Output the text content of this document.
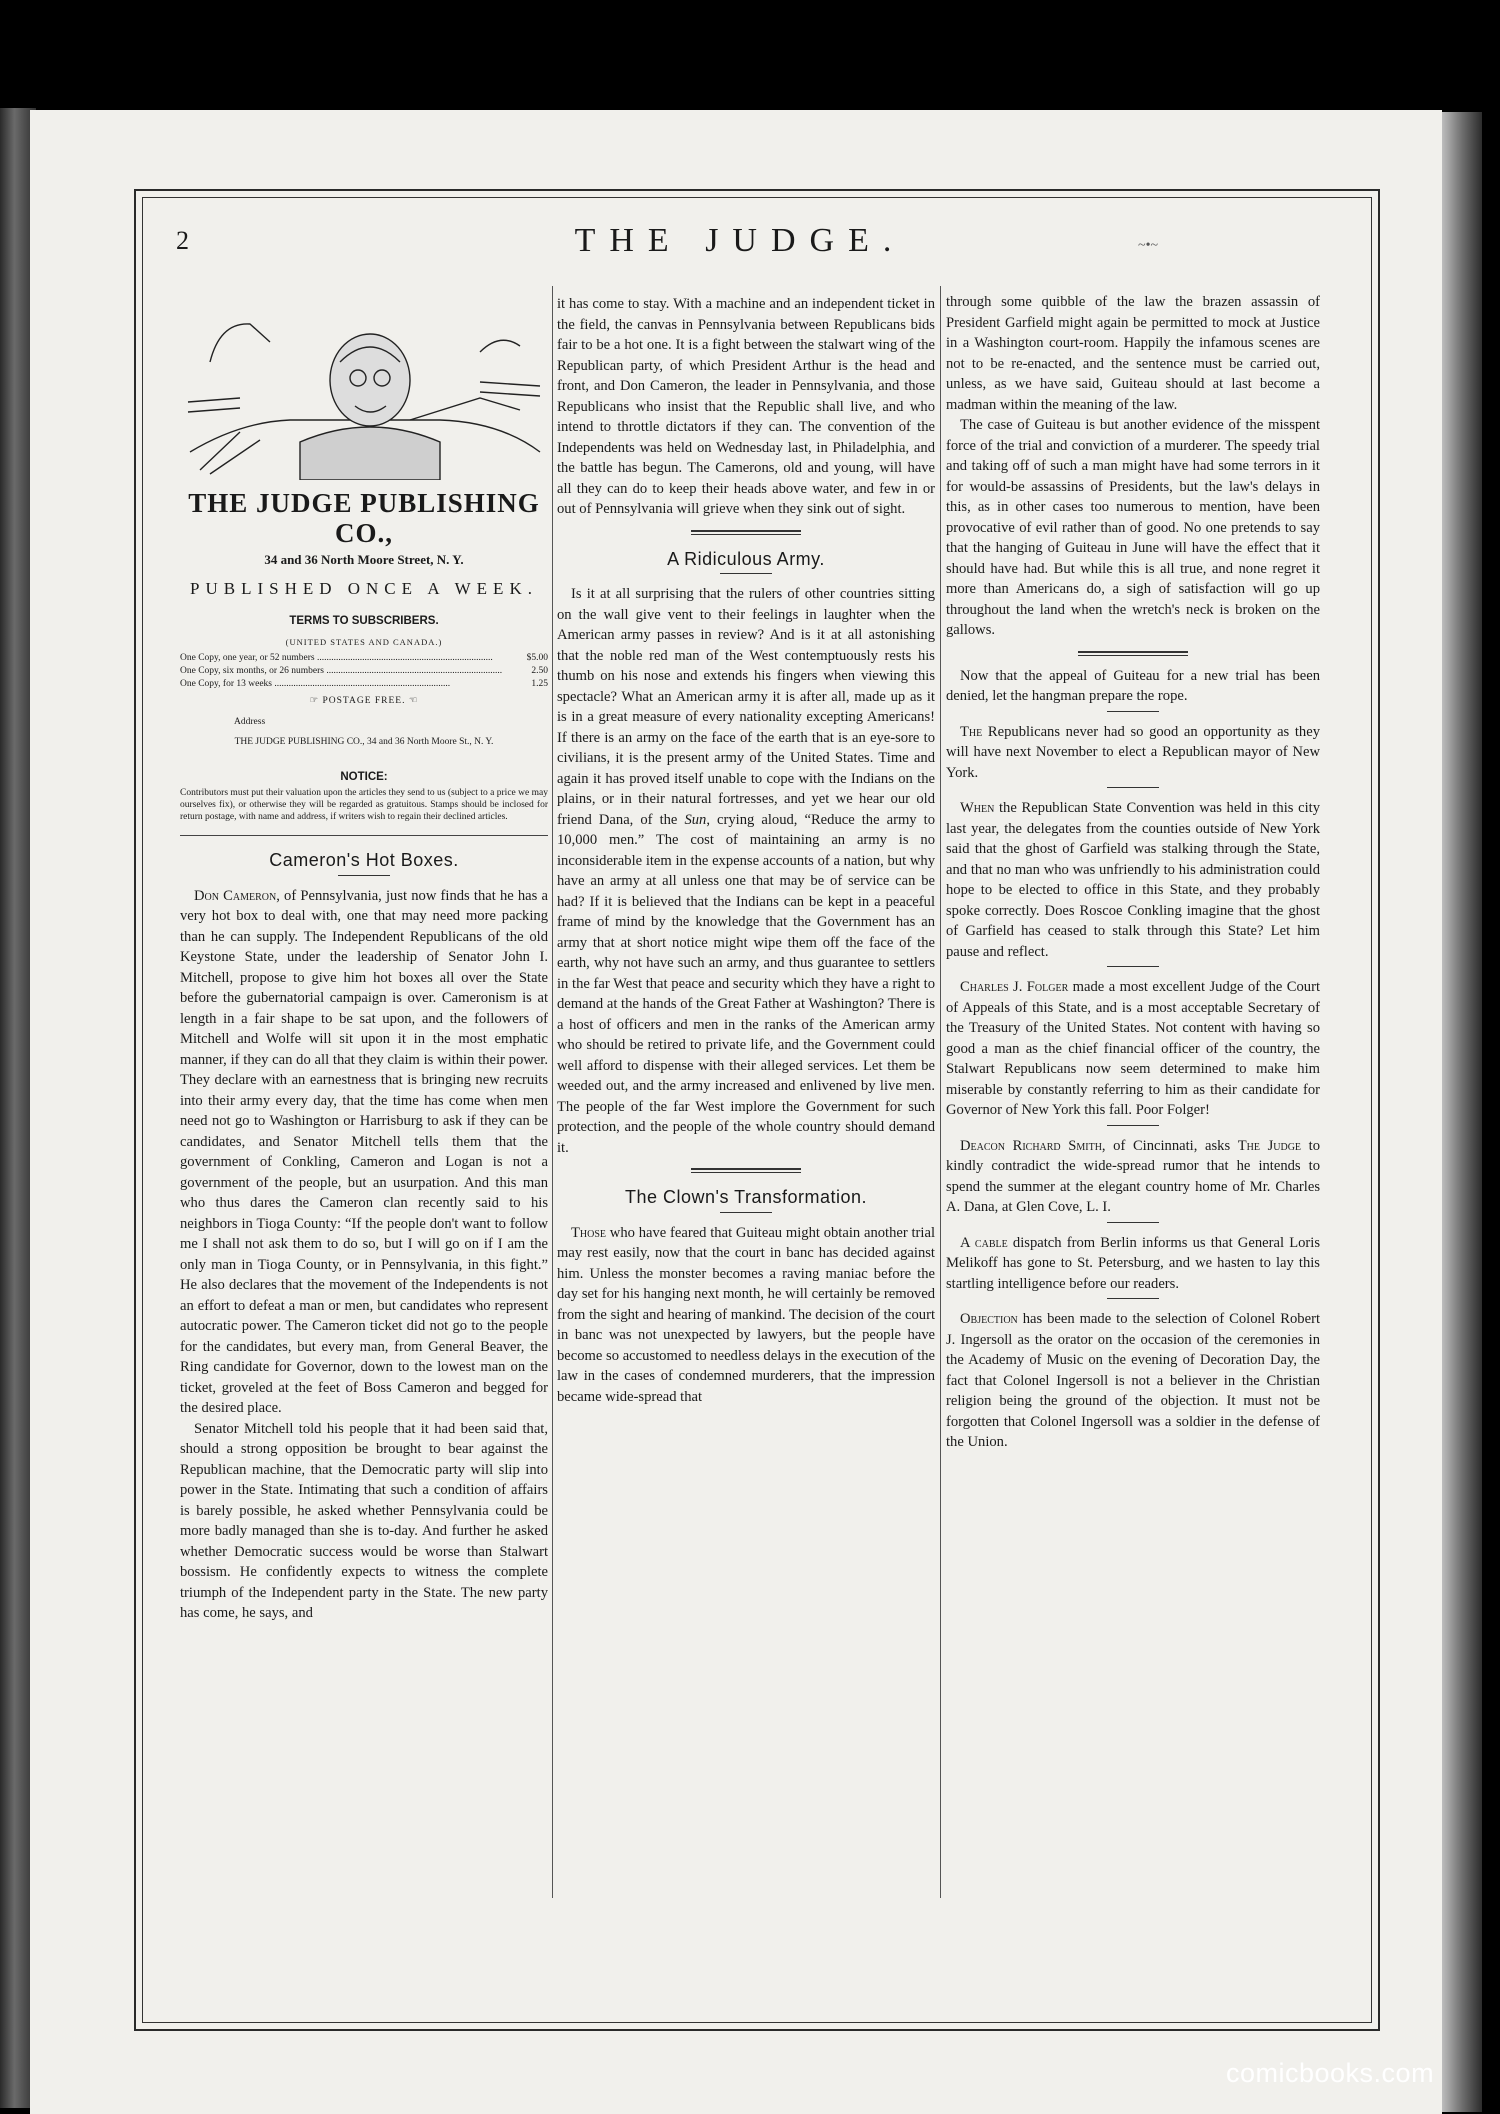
2	THE JUDGE.	~•~
THE JUDGE PUBLISHING CO.,
34 and 36 North Moore Street, N. Y.
PUBLISHED ONCE A WEEK.
TERMS TO SUBSCRIBERS.
(UNITED STATES AND CANADA.)
One Copy, one year, or 52 numbers .....	$5.00
One Copy, six months, or 26 numbers .....	2.50
One Copy, for 13 weeks .....	1.25
☞ POSTAGE FREE. ☜
Address
THE JUDGE PUBLISHING CO., 34 and 36 North Moore St., N. Y.
NOTICE:
Contributors must put their valuation upon the articles they send to us (subject to a price we may ourselves fix), or otherwise they will be regarded as gratuitous. Stamps should be inclosed for return postage, with name and address, if writers wish to regain their declined articles.
Cameron's Hot Boxes.

Don Cameron, of Pennsylvania, just now finds that he has a very hot box to deal with, one that may need more packing than he can supply. The Independent Republicans of the old Keystone State, under the leadership of Senator John I. Mitchell, propose to give him hot boxes all over the State before the gubernatorial campaign is over. Cameronism is at length in a fair shape to be sat upon, and the followers of Mitchell and Wolfe will sit upon it in the most emphatic manner, if they can do all that they claim is within their power. They declare with an earnestness that is bringing new recruits into their army every day, that the time has come when men need not go to Washington or Harrisburg to ask if they can be candidates, and Senator Mitchell tells them that the government of Conkling, Cameron and Logan is not a government of the people, but an usurpation. And this man who thus dares the Cameron clan recently said to his neighbors in Tioga County: “If the people don't want to follow me I shall not ask them to do so, but I will go on if I am the only man in Tioga County, or in Pennsylvania, in this fight.” He also declares that the movement of the Independents is not an effort to defeat a man or men, but candidates who represent autocratic power. The Cameron ticket did not go to the people for the candidates, but every man, from General Beaver, the Ring candidate for Governor, down to the lowest man on the ticket, groveled at the feet of Boss Cameron and begged for the desired place.

Senator Mitchell told his people that it had been said that, should a strong opposition be brought to bear against the Republican machine, that the Democratic party will slip into power in the State. Intimating that such a condition of affairs is barely possible, he asked whether Pennsylvania could be more badly managed than she is to-day. And further he asked whether Democratic success would be worse than Stalwart bossism. He confidently expects to witness the complete triumph of the Independent party in the State. The new party has come, he says, and

it has come to stay. With a machine and an independent ticket in the field, the canvas in Pennsylvania between Republicans bids fair to be a hot one. It is a fight between the stalwart wing of the Republican party, of which President Arthur is the head and front, and Don Cameron, the leader in Pennsylvania, and those Republicans who insist that the Republic shall live, and who intend to throttle dictators if they can. The convention of the Independents was held on Wednesday last, in Philadelphia, and the battle has begun. The Camerons, old and young, will have all they can do to keep their heads above water, and few in or out of Pennsylvania will grieve when they sink out of sight.

A Ridiculous Army.

Is it at all surprising that the rulers of other countries sitting on the wall give vent to their feelings in laughter when the American army passes in review? And is it at all astonishing that the noble red man of the West contemptuously rests his thumb on his nose and extends his fingers when viewing this spectacle? What an American army it is after all, made up as it is in a great measure of every nationality excepting Americans! If there is an army on the face of the earth that is an eye-sore to civilians, it is the present army of the United States. Time and again it has proved itself unable to cope with the Indians on the plains, or in their natural fortresses, and yet we hear our old friend Dana, of the Sun, crying aloud, “Reduce the army to 10,000 men.” The cost of maintaining an army is no inconsiderable item in the expense accounts of a nation, but why have an army at all unless one that may be of service can be had? If it is believed that the Indians can be kept in a peaceful frame of mind by the knowledge that the Government has an army that at short notice might wipe them off the face of the earth, why not have such an army, and thus guarantee to settlers in the far West that peace and security which they have a right to demand at the hands of the Great Father at Washington? There is a host of officers and men in the ranks of the American army who should be retired to private life, and the Government could well afford to dispense with their alleged services. Let them be weeded out, and the army increased and enlivened by live men. The people of the far West implore the Government for such protection, and the people of the whole country should demand it.

The Clown's Transformation.

Those who have feared that Guiteau might obtain another trial may rest easily, now that the court in banc has decided against him. Unless the monster becomes a raving maniac before the day set for his hanging next month, he will certainly be removed from the sight and hearing of mankind. The decision of the court in banc was not unexpected by lawyers, but the people have become so accustomed to needless delays in the execution of the law in the cases of condemned murderers, that the impression became wide-spread that

through some quibble of the law the brazen assassin of President Garfield might again be permitted to mock at Justice in a Washington court-room. Happily the infamous scenes are not to be re-enacted, and the sentence must be carried out, unless, as we have said, Guiteau should at last become a madman within the meaning of the law.

The case of Guiteau is but another evidence of the misspent force of the trial and conviction of a murderer. The speedy trial and taking off of such a man might have had some terrors in it for would-be assassins of Presidents, but the law's delays in this, as in other cases too numerous to mention, have been provocative of evil rather than of good. No one pretends to say that the hanging of Guiteau in June will have the effect that it should have had. But while this is all true, and none regret it more than Americans do, a sigh of satisfaction will go up throughout the land when the wretch's neck is broken on the gallows.

Now that the appeal of Guiteau for a new trial has been denied, let the hangman prepare the rope.

The Republicans never had so good an opportunity as they will have next November to elect a Republican mayor of New York.

When the Republican State Convention was held in this city last year, the delegates from the counties outside of New York said that the ghost of Garfield was stalking through the State, and that no man who was unfriendly to his administration could hope to be elected to office in this State, and they probably spoke correctly. Does Roscoe Conkling imagine that the ghost of Garfield has ceased to stalk through this State? Let him pause and reflect.

Charles J. Folger made a most excellent Judge of the Court of Appeals of this State, and is a most acceptable Secretary of the Treasury of the United States. Not content with having so good a man as the chief financial officer of the country, the Stalwart Republicans now seem determined to make him miserable by constantly referring to him as their candidate for Governor of New York this fall. Poor Folger!

Deacon Richard Smith, of Cincinnati, asks The Judge to kindly contradict the wide-spread rumor that he intends to spend the summer at the elegant country home of Mr. Charles A. Dana, at Glen Cove, L. I.

A cable dispatch from Berlin informs us that General Loris Melikoff has gone to St. Petersburg, and we hasten to lay this startling intelligence before our readers.

Objection has been made to the selection of Colonel Robert J. Ingersoll as the orator on the occasion of the ceremonies in the Academy of Music on the evening of Decoration Day, the fact that Colonel Ingersoll is not a believer in the Christian religion being the ground of the objection. It must not be forgotten that Colonel Ingersoll was a soldier in the defense of the Union.

comicbooks.com
